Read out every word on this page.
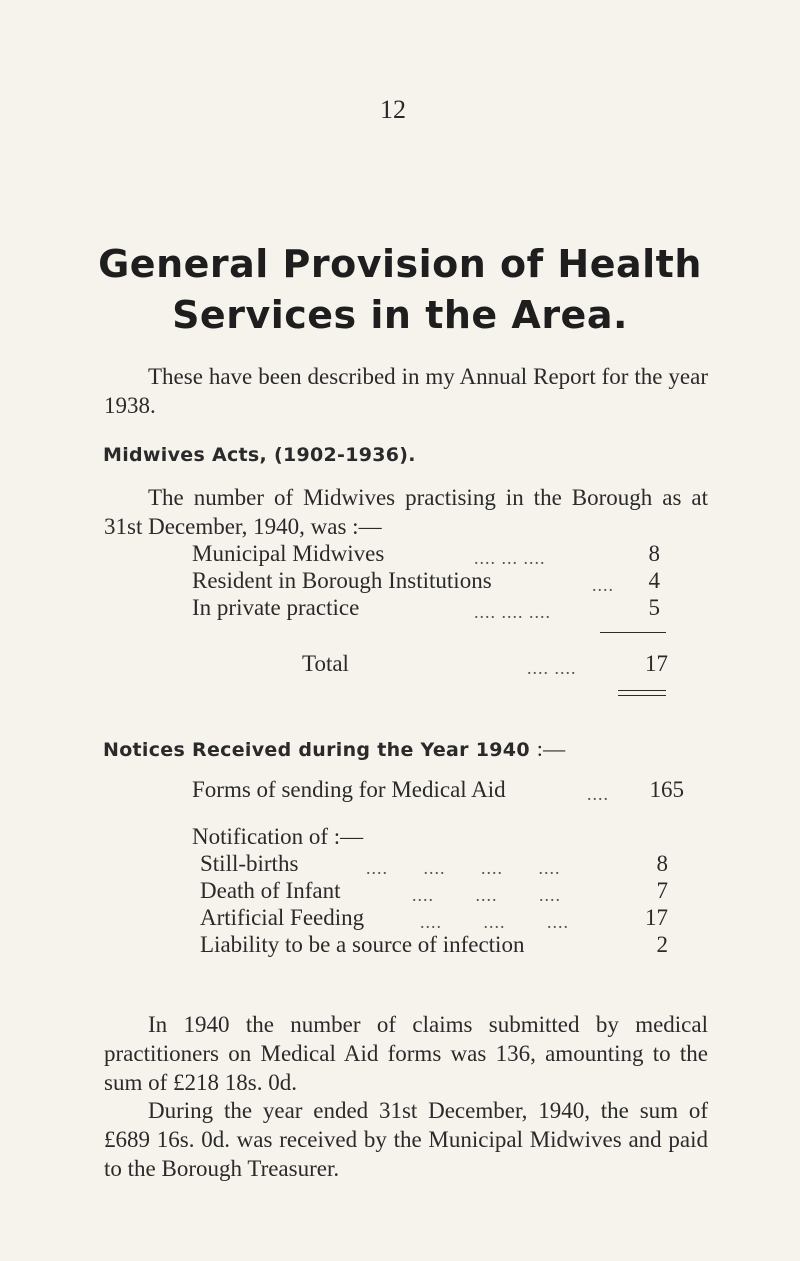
12
General Provision of Health
Services in the Area.
These have been described in my Annual Report for the year 1938.
Midwives Acts, (1902-1936).
The number of Midwives practising in the Borough as at 31st December, 1940, was :—
Municipal Midwives	.... ... ....	8
Resident in Borough Institutions	.... 4
In private practice	.... .... ....	5
Total	.... ....	17
Notices Received during the Year 1940 :—
Forms of sending for Medical Aid	.... 165
Notification of :—
Still-births	.... .... .... ....	8
Death of Infant	.... .... ....	7
Artificial Feeding	.... .... ....	17
Liability to be a source of infection	2
In 1940 the number of claims submitted by medical practitioners on Medical Aid forms was 136, amounting to the sum of £218 18s. 0d.
During the year ended 31st December, 1940, the sum of £689 16s. 0d. was received by the Municipal Midwives and paid to the Borough Treasurer.
